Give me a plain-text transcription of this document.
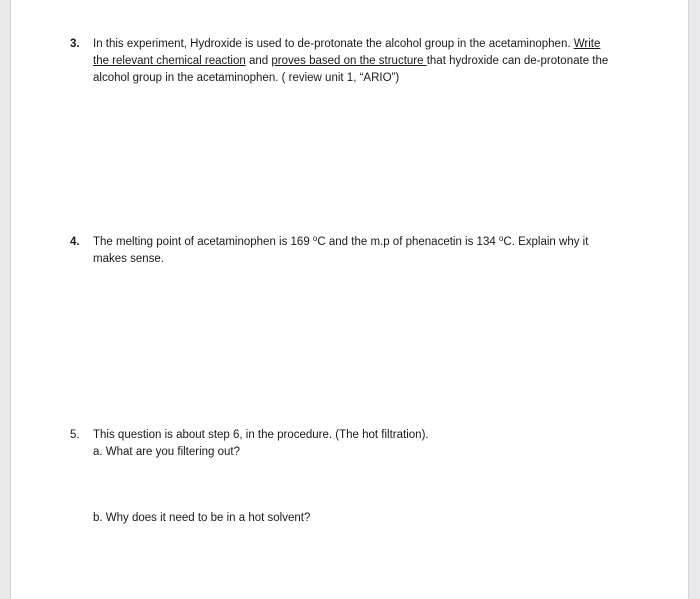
3. In this experiment, Hydroxide is used to de-protonate the alcohol group in the acetaminophen. Write
the relevant chemical reaction and proves based on the structure that hydroxide can de-protonate the
alcohol group in the acetaminophen. ( review unit 1, “ARIO”)
4. The melting point of acetaminophen is 169 $^o$C and the m.p of phenacetin is 134 $^o$C. Explain why it
makes sense.
5. This question is about step 6, in the procedure. (The hot filtration).
a. What are you filtering out?
b. Why does it need to be in a hot solvent?
